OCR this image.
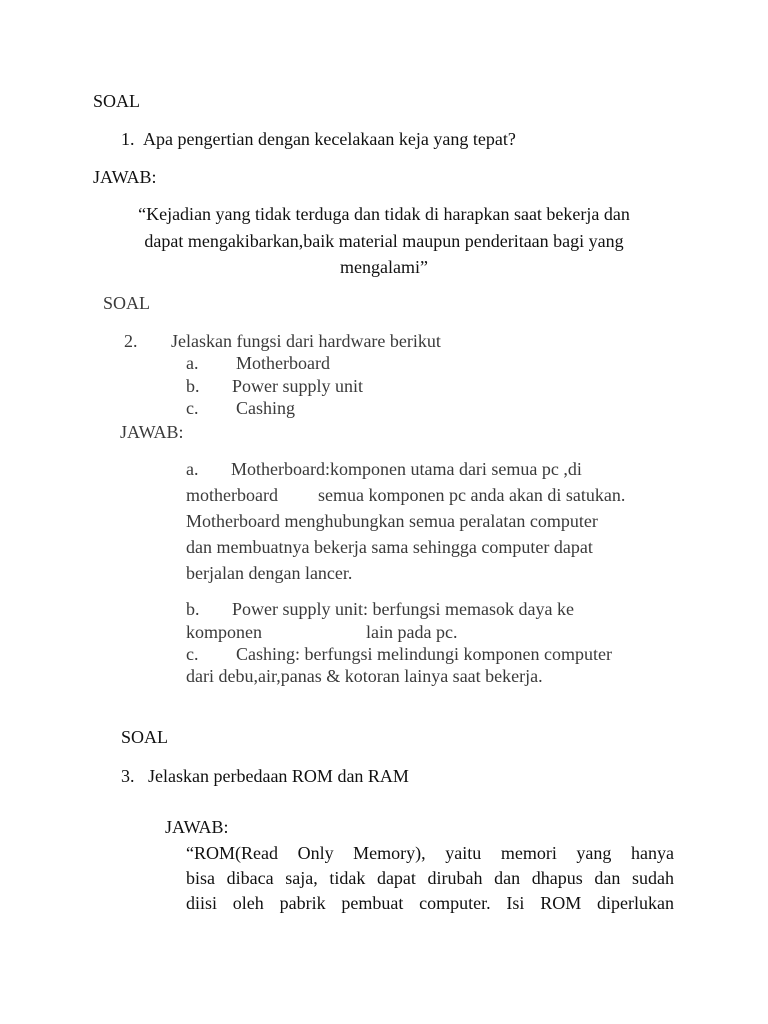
SOAL
1. Apa pengertian dengan kecelakaan keja yang tepat?
JAWAB:
“Kejadian yang tidak terduga dan tidak di harapkan saat bekerja dan
dapat mengakibarkan,baik material maupun penderitaan bagi yang
mengalami”
SOAL
2. Jelaskan fungsi dari hardware berikut
a. Motherboard
b. Power supply unit
c. Cashing
JAWAB:
a. Motherboard:komponen utama dari semua pc ,di
motherboard semua komponen pc anda akan di satukan.
Motherboard menghubungkan semua peralatan computer
dan membuatnya bekerja sama sehingga computer dapat
berjalan dengan lancer.
b. Power supply unit: berfungsi memasok daya ke
komponen	lain pada pc.
c. Cashing: berfungsi melindungi komponen computer
dari debu,air,panas & kotoran lainya saat bekerja.
SOAL
3. Jelaskan perbedaan ROM dan RAM
JAWAB:
“ROM(Read Only Memory), yaitu memori yang hanya
bisa dibaca saja, tidak dapat dirubah dan dhapus dan sudah
diisi oleh pabrik pembuat computer. Isi ROM diperlukan
